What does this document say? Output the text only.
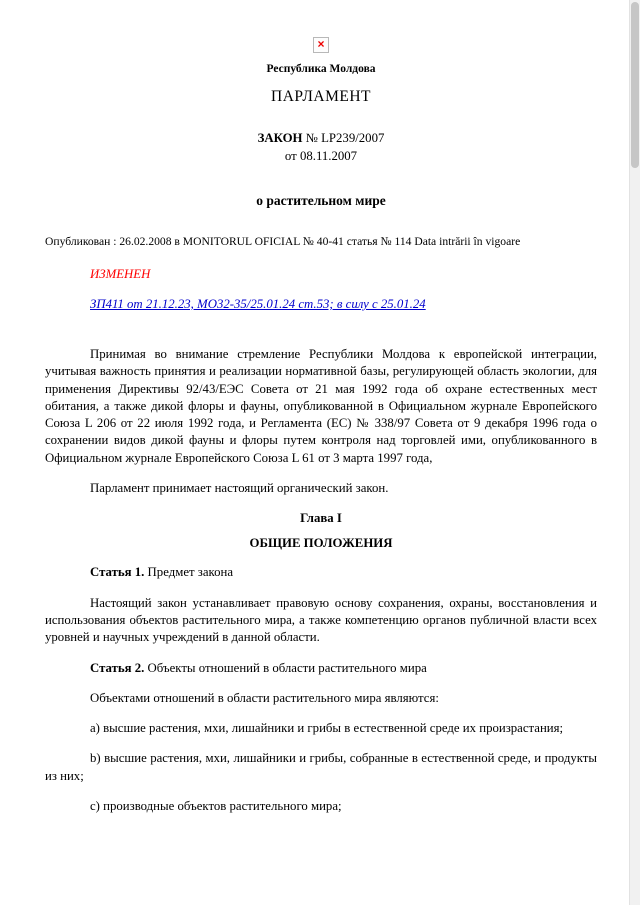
×
Республика Молдова
ПАРЛАМЕНТ
ЗАКОН № LP239/2007
от 08.11.2007
о растительном мире

Опубликован : 26.02.2008 в MONITORUL OFICIAL № 40-41 статья № 114 Data intrării în vigoare

ИЗМЕНЕН

ЗП411 от 21.12.23, МО32-35/25.01.24 ст.53; в силу с 25.01.24

Принимая во внимание стремление Республики Молдова к европейской интеграции, учитывая важность принятия и реализации нормативной базы, регулирующей область экологии, для применения Директивы 92/43/ЕЭС Совета от 21 мая 1992 года об охране естественных мест обитания, а также дикой флоры и фауны, опубликованной в Официальном журнале Европейского Союза L 206 от 22 июля 1992 года, и Регламента (ЕС) № 338/97 Совета от 9 декабря 1996 года о сохранении видов дикой фауны и флоры путем контроля над торговлей ими, опубликованного в Официальном журнале Европейского Союза L 61 от 3 марта 1997 года,

Парламент принимает настоящий органический закон.

Глава I
ОБЩИЕ ПОЛОЖЕНИЯ

Статья 1. Предмет закона

Настоящий закон устанавливает правовую основу сохранения, охраны, восстановления и использования объектов растительного мира, а также компетенцию органов публичной власти всех уровней и научных учреждений в данной области.

Статья 2. Объекты отношений в области растительного мира

Объектами отношений в области растительного мира являются:

a) высшие растения, мхи, лишайники и грибы в естественной среде их произрастания;

b) высшие растения, мхи, лишайники и грибы, собранные в естественной среде, и продукты из них;

c) производные объектов растительного мира;
